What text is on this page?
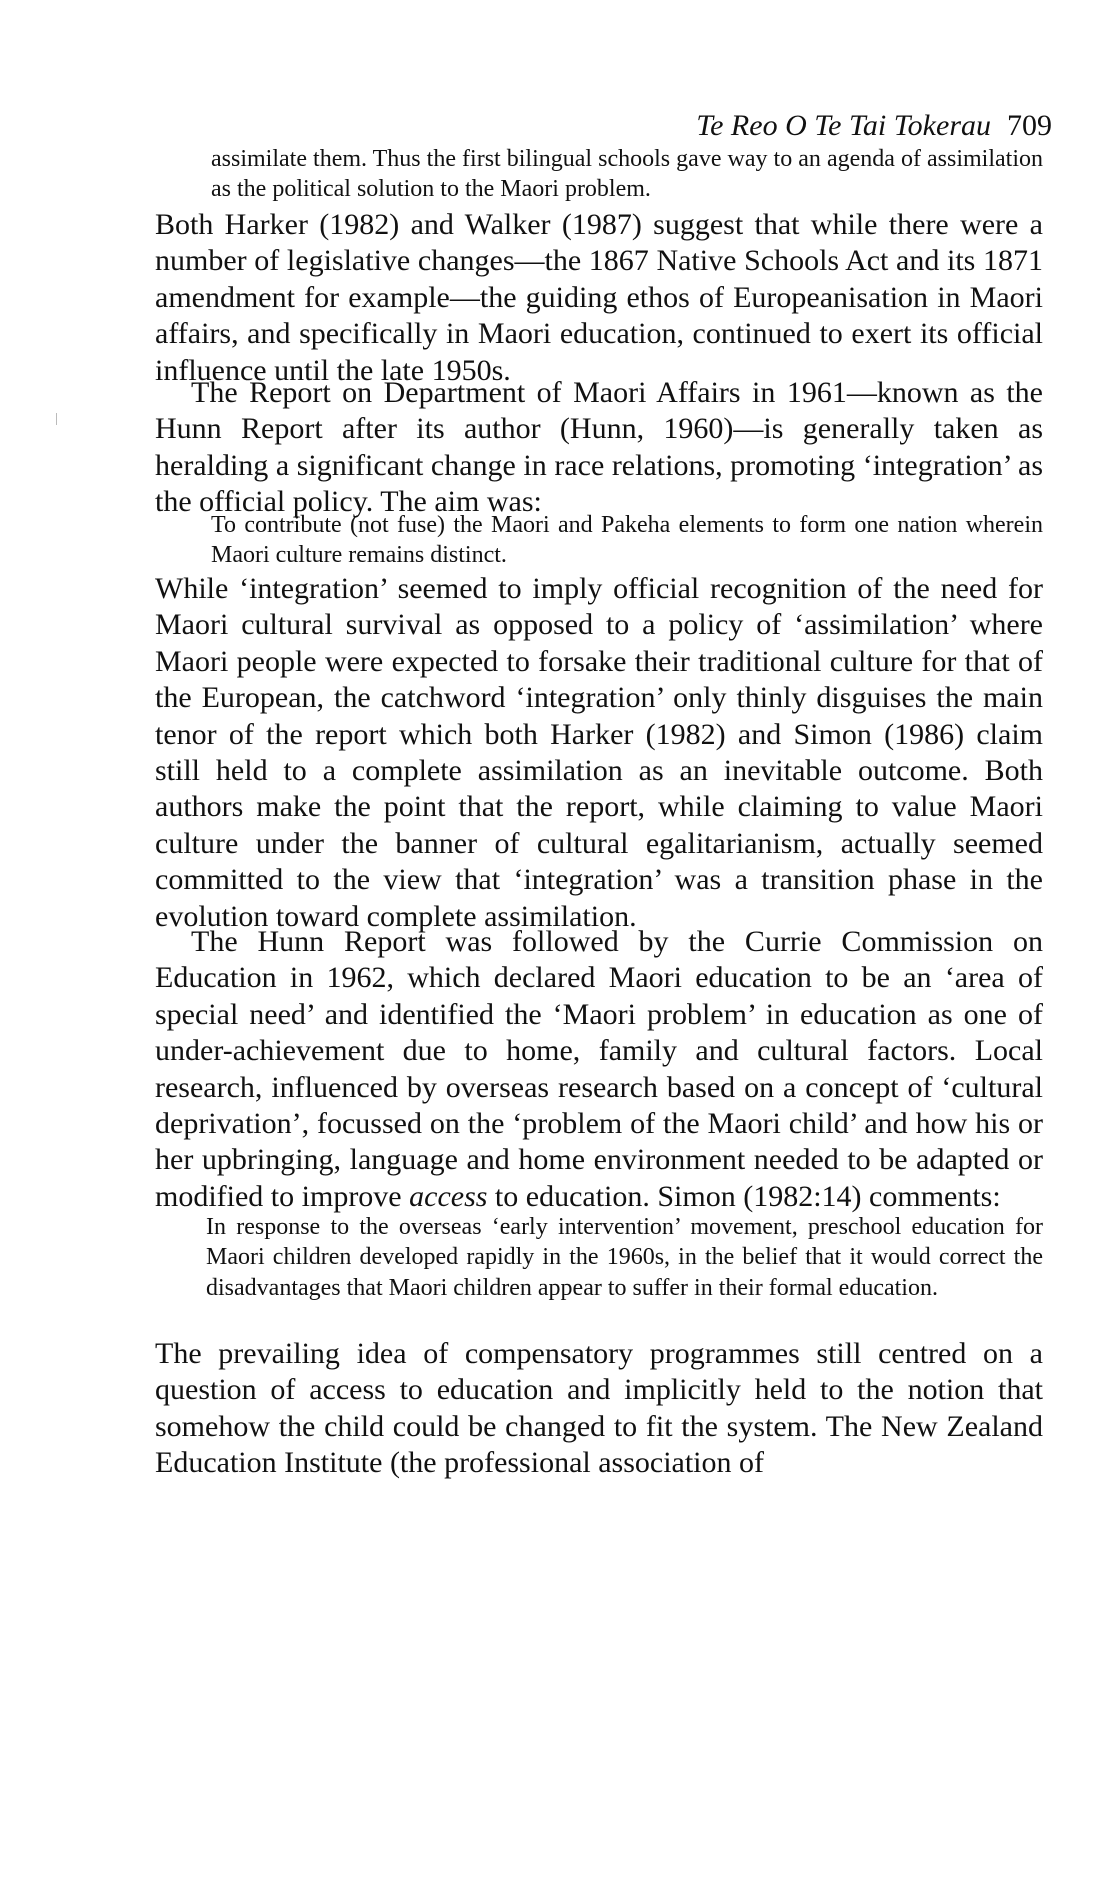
Te Reo O Te Tai Tokerau 709

assimilate them. Thus the first bilingual schools gave way to an agenda of assimilation as the political solution to the Maori problem.

Both Harker (1982) and Walker (1987) suggest that while there were a number of legislative changes—the 1867 Native Schools Act and its 1871 amendment for example—the guiding ethos of Europeanisation in Maori affairs, and specifically in Maori education, continued to exert its official influence until the late 1950s.

The Report on Department of Maori Affairs in 1961—known as the Hunn Report after its author (Hunn, 1960)—is generally taken as heralding a significant change in race relations, promoting ‘integration’ as the official policy. The aim was:

To contribute (not fuse) the Maori and Pakeha elements to form one nation wherein Maori culture remains distinct.

While ‘integration’ seemed to imply official recognition of the need for Maori cultural survival as opposed to a policy of ‘assimilation’ where Maori people were expected to forsake their traditional culture for that of the European, the catchword ‘integration’ only thinly disguises the main tenor of the report which both Harker (1982) and Simon (1986) claim still held to a complete assimilation as an inevitable outcome. Both authors make the point that the report, while claiming to value Maori culture under the banner of cultural egalitarianism, actually seemed committed to the view that ‘integration’ was a transition phase in the evolution toward complete assimilation.

The Hunn Report was followed by the Currie Commission on Education in 1962, which declared Maori education to be an ‘area of special need’ and identified the ‘Maori problem’ in education as one of under-achievement due to home, family and cultural factors. Local research, influenced by overseas research based on a concept of ‘cultural deprivation’, focussed on the ‘problem of the Maori child’ and how his or her upbringing, language and home environment needed to be adapted or modified to improve access to education. Simon (1982:14) comments:

In response to the overseas ‘early intervention’ movement, preschool education for Maori children developed rapidly in the 1960s, in the belief that it would correct the disadvantages that Maori children appear to suffer in their formal education.

The prevailing idea of compensatory programmes still centred on a question of access to education and implicitly held to the notion that somehow the child could be changed to fit the system. The New Zealand Education Institute (the professional association of
